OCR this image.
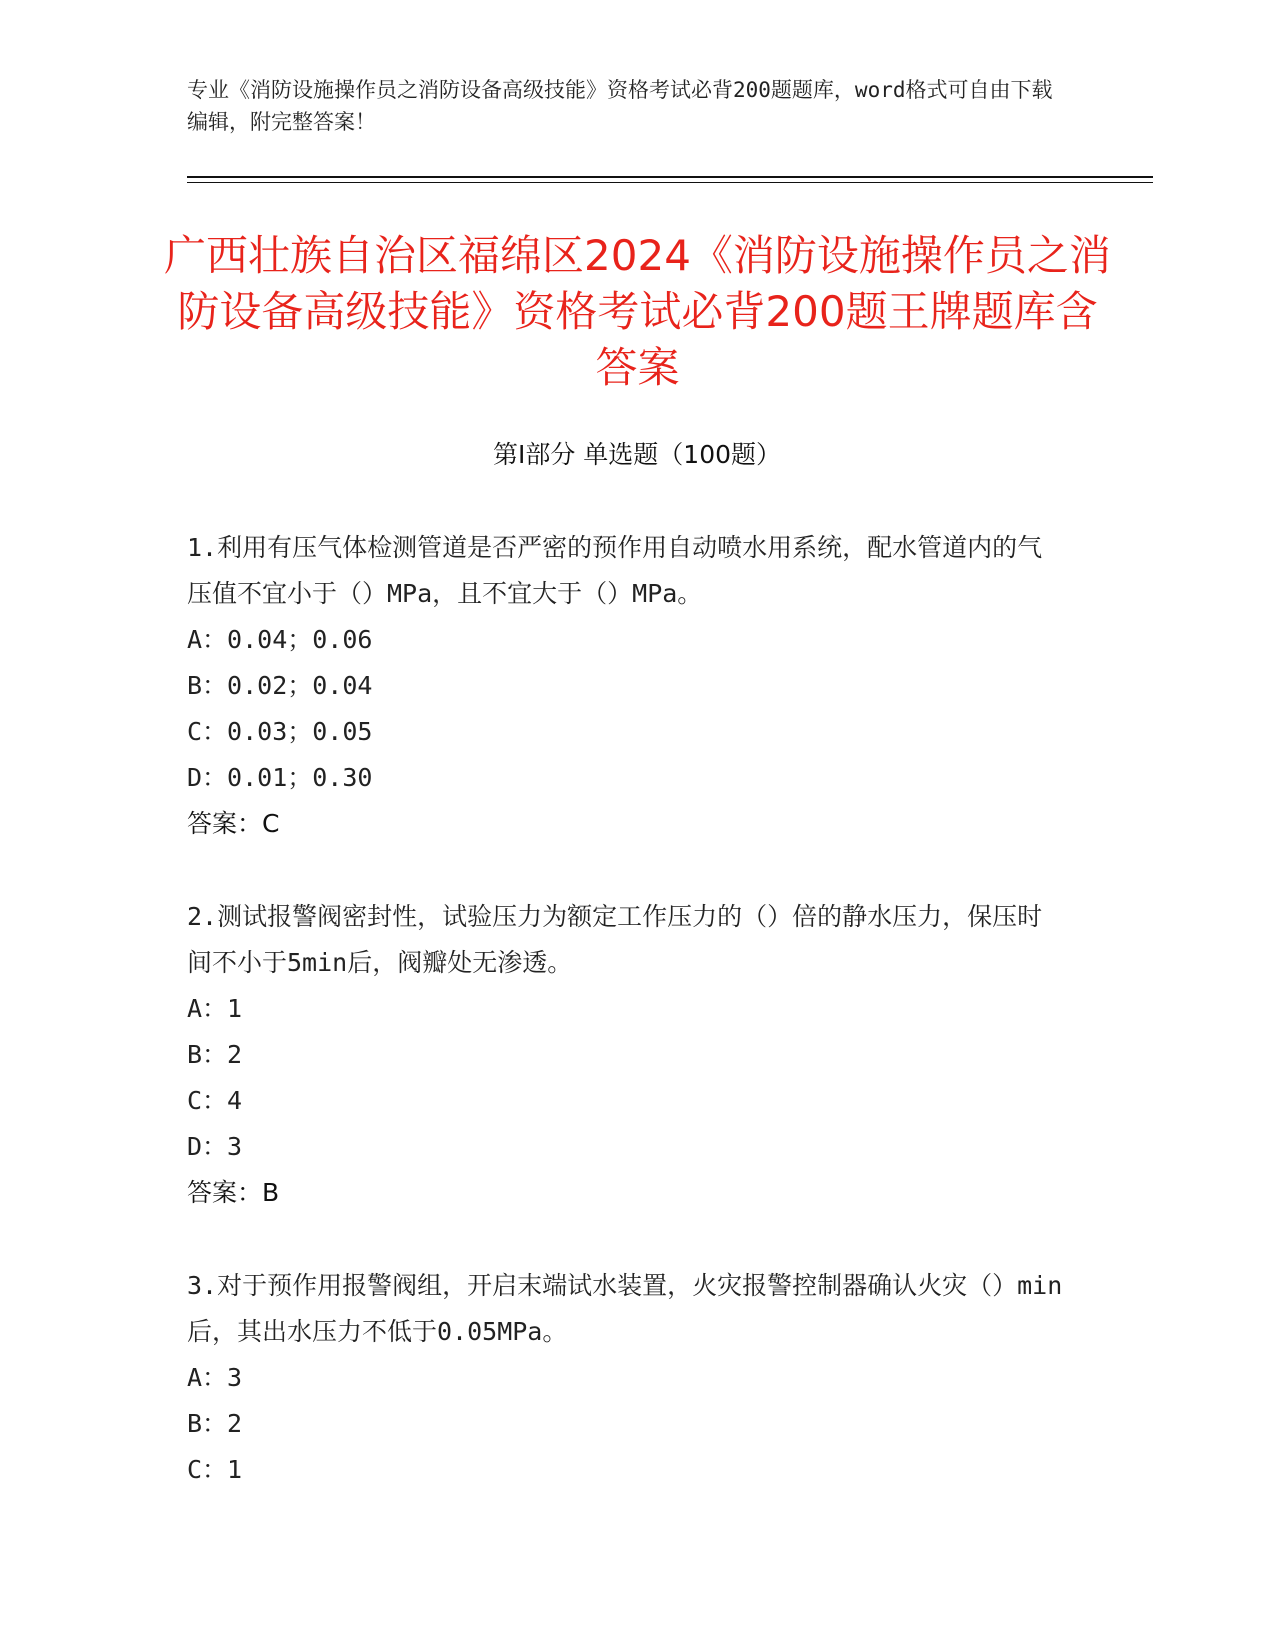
专业《消防设施操作员之消防设备高级技能》资格考试必背200题题库，word格式可自由下载编辑，附完整答案！
广西壮族自治区福绵区2024《消防设施操作员之消防设备高级技能》资格考试必背200题王牌题库含答案
第I部分 单选题（100题）
1.利用有压气体检测管道是否严密的预作用自动喷水用系统，配水管道内的气压值不宜小于（）MPa，且不宜大于（）MPa。
A：0.04；0.06
B：0.02；0.04
C：0.03；0.05
D：0.01；0.30
答案：C
2.测试报警阀密封性，试验压力为额定工作压力的（）倍的静水压力，保压时间不小于5min后，阀瓣处无渗透。
A：1
B：2
C：4
D：3
答案：B
3.对于预作用报警阀组，开启末端试水装置，火灾报警控制器确认火灾（）min后，其出水压力不低于0.05MPa。
A：3
B：2
C：1
